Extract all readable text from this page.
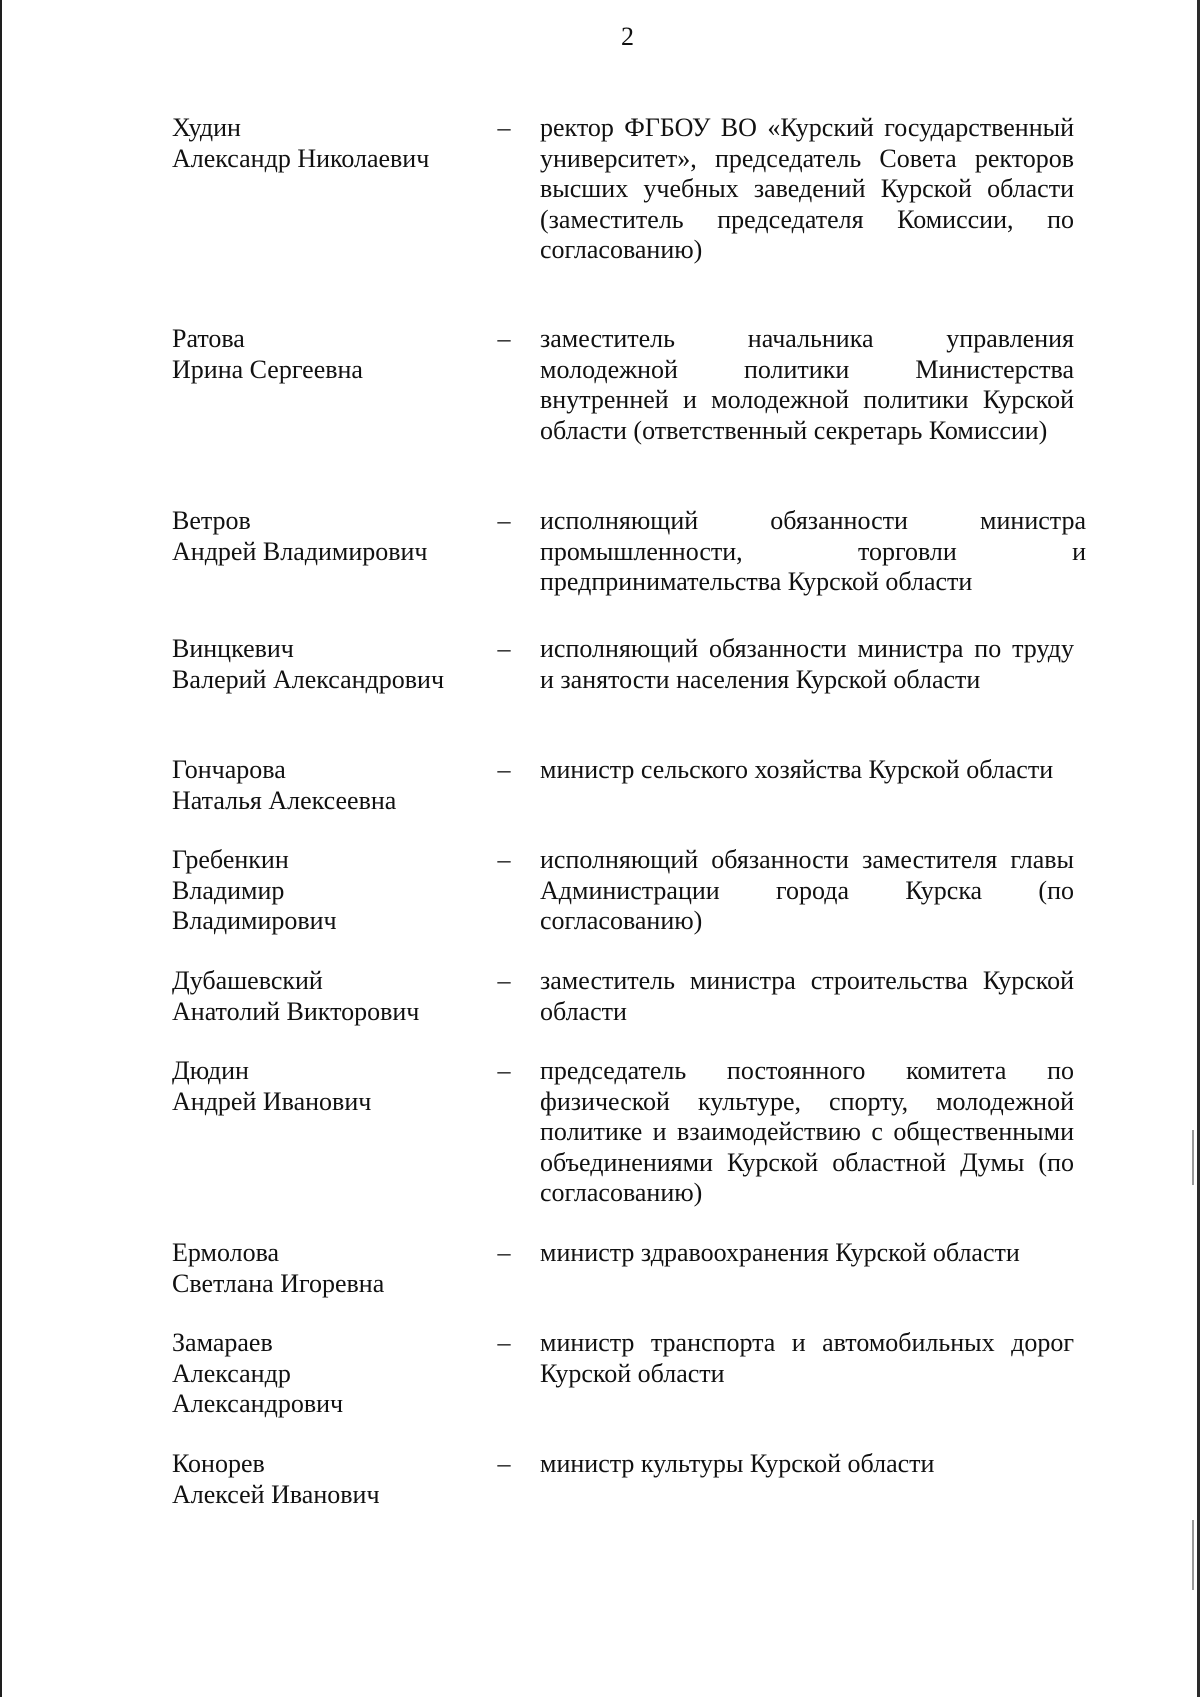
2
Худин
Александр Николаевич
– ректор ФГБОУ ВО «Курский государственный университет», председатель Совета ректоров высших учебных заведений Курской области (заместитель председателя Комиссии, по согласованию)
Ратова
Ирина Сергеевна
– заместитель начальника управления молодежной политики Министерства внутренней и молодежной политики Курской области (ответственный секретарь Комиссии)
Ветров
Андрей Владимирович
– исполняющий обязанности министра промышленности, торговли и предпринимательства Курской области
Винцкевич
Валерий Александрович
– исполняющий обязанности министра по труду и занятости населения Курской области
Гончарова
Наталья Алексеевна
– министр сельского хозяйства Курской области
Гребенкин
Владимир
Владимирович
– исполняющий обязанности заместителя главы Администрации города Курска (по согласованию)
Дубашевский
Анатолий Викторович
– заместитель министра строительства Курской области
Дюдин
Андрей Иванович
– председатель постоянного комитета по физической культуре, спорту, молодежной политике и взаимодействию с общественными объединениями Курской областной Думы (по согласованию)
Ермолова
Светлана Игоревна
– министр здравоохранения Курской области
Замараев
Александр
Александрович
– министр транспорта и автомобильных дорог Курской области
Конорев
Алексей Иванович
– министр культуры Курской области
